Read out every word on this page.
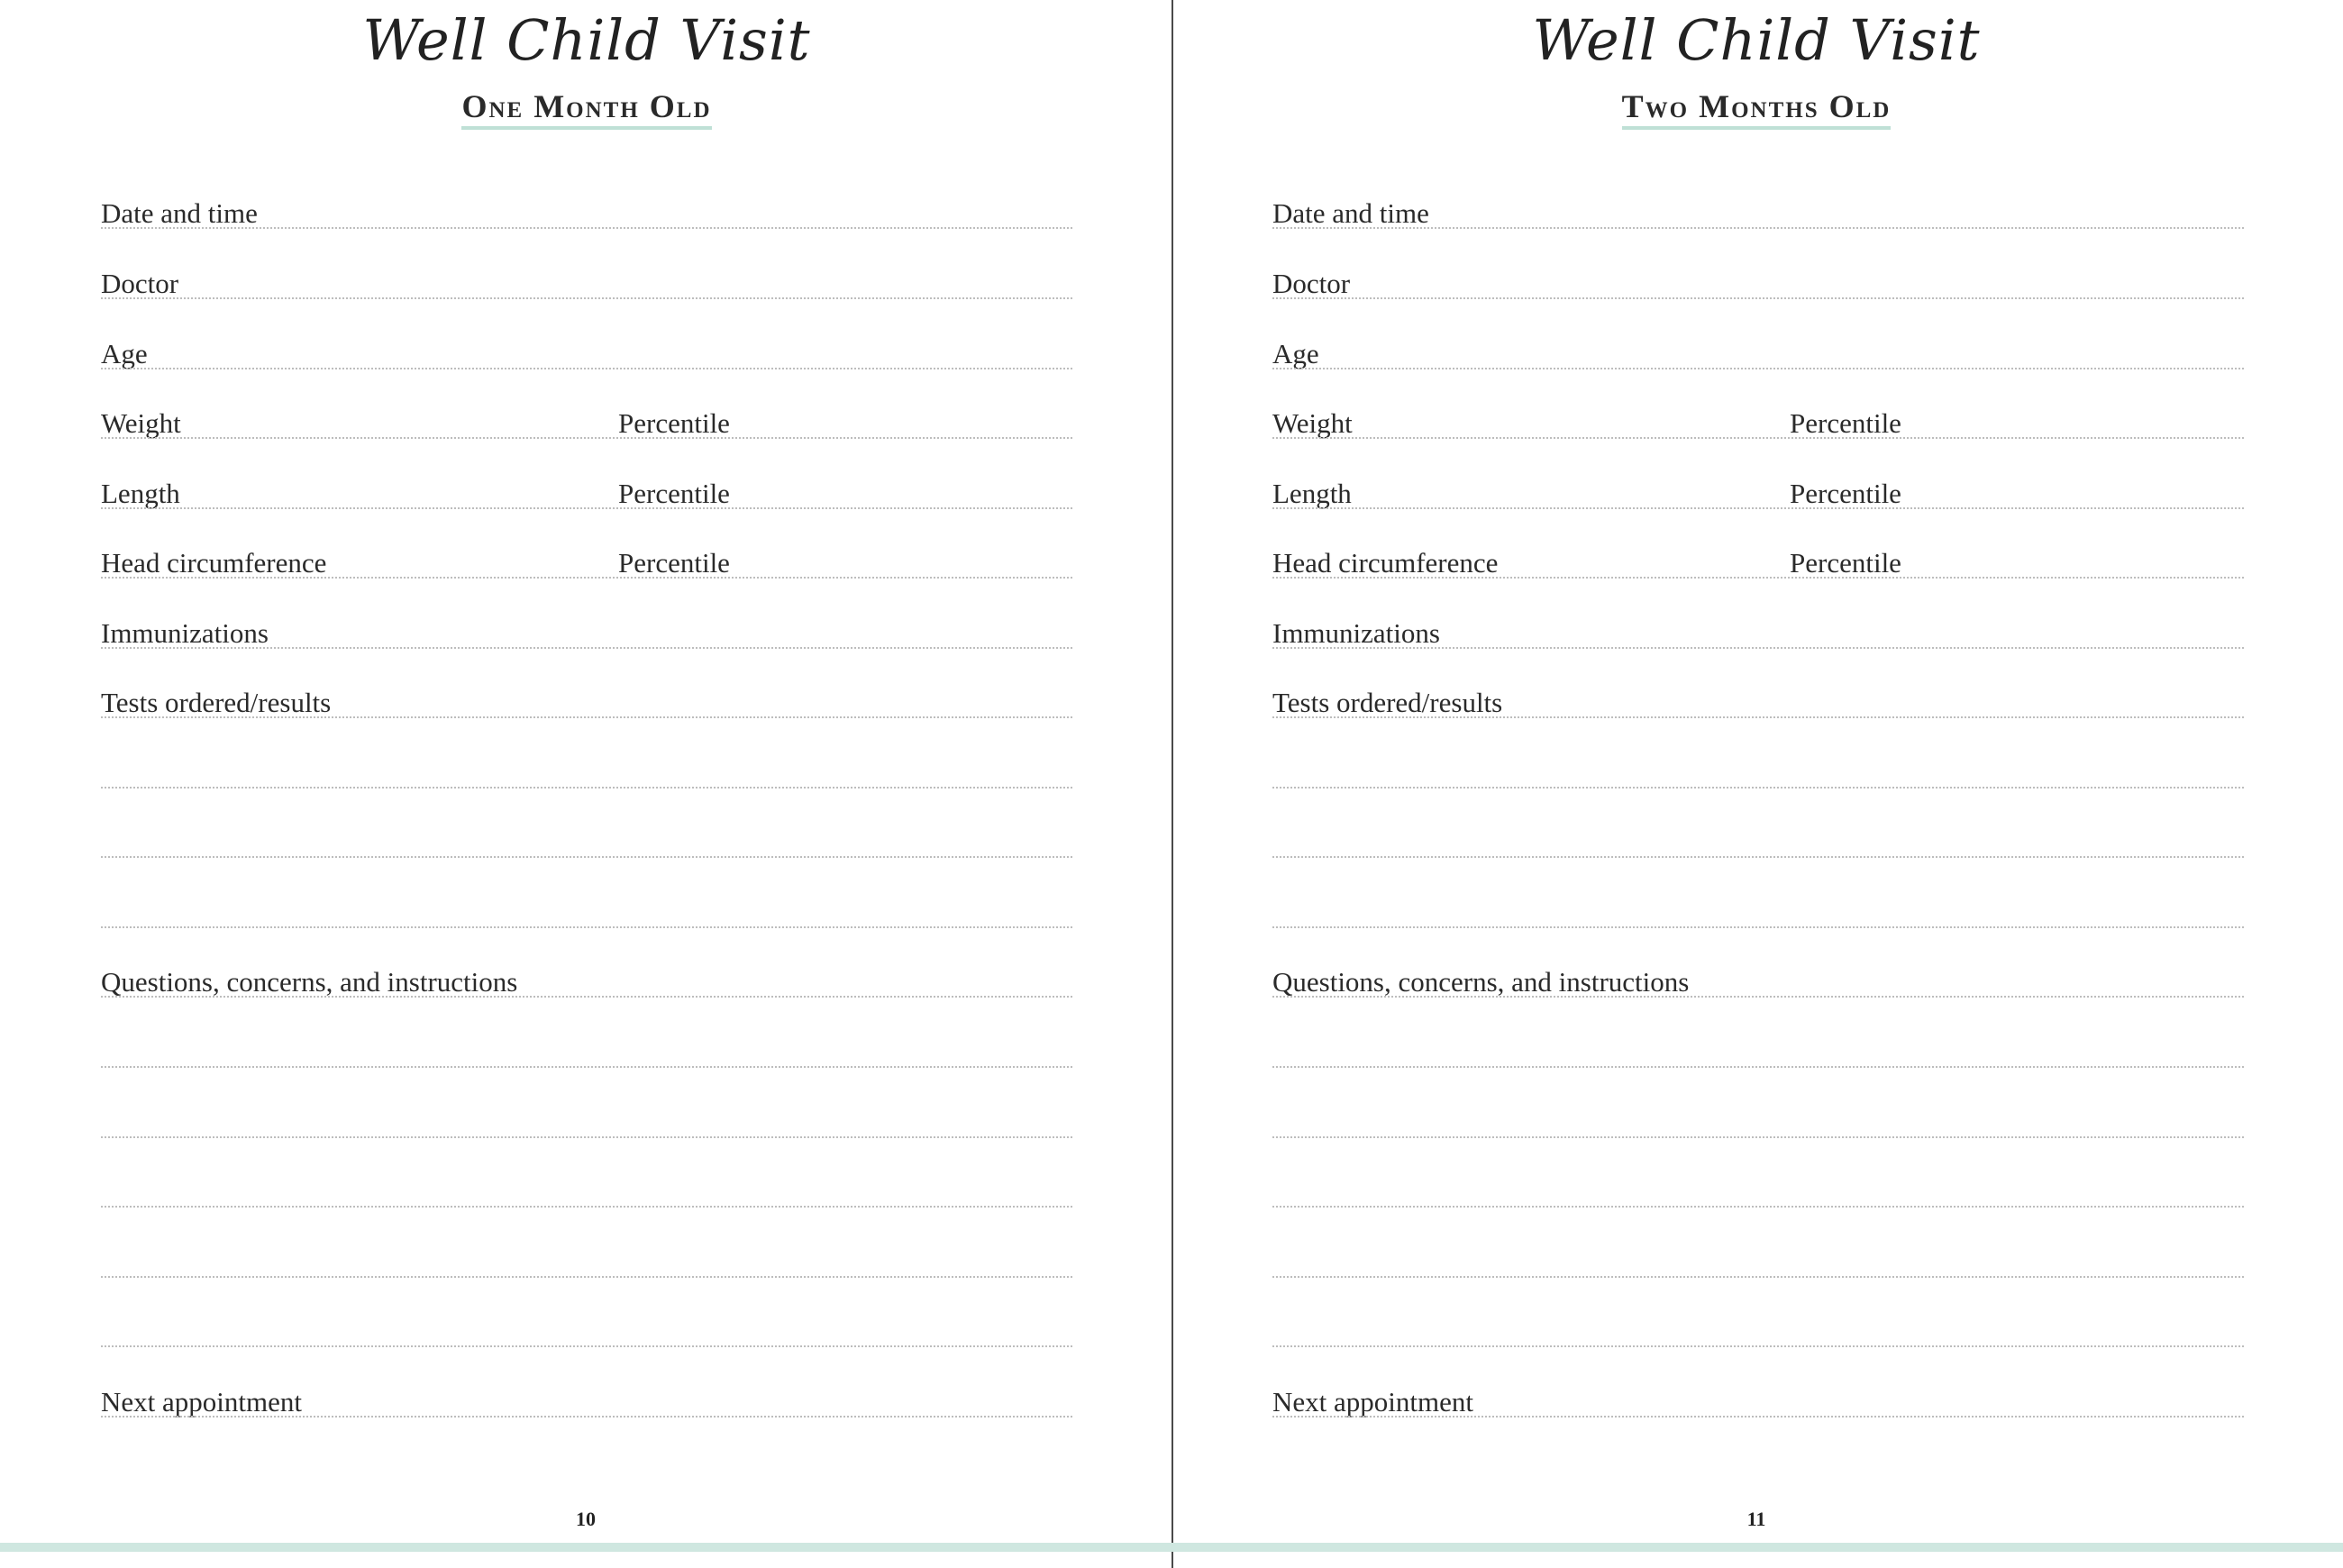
Well Child Visit
One Month Old
Date and time
Doctor
Age
Weight	Percentile
Length	Percentile
Head circumference	Percentile
Immunizations
Tests ordered/results
Questions, concerns, and instructions
Next appointment
10
Well Child Visit
Two Months Old
Date and time
Doctor
Age
Weight	Percentile
Length	Percentile
Head circumference	Percentile
Immunizations
Tests ordered/results
Questions, concerns, and instructions
Next appointment
11
